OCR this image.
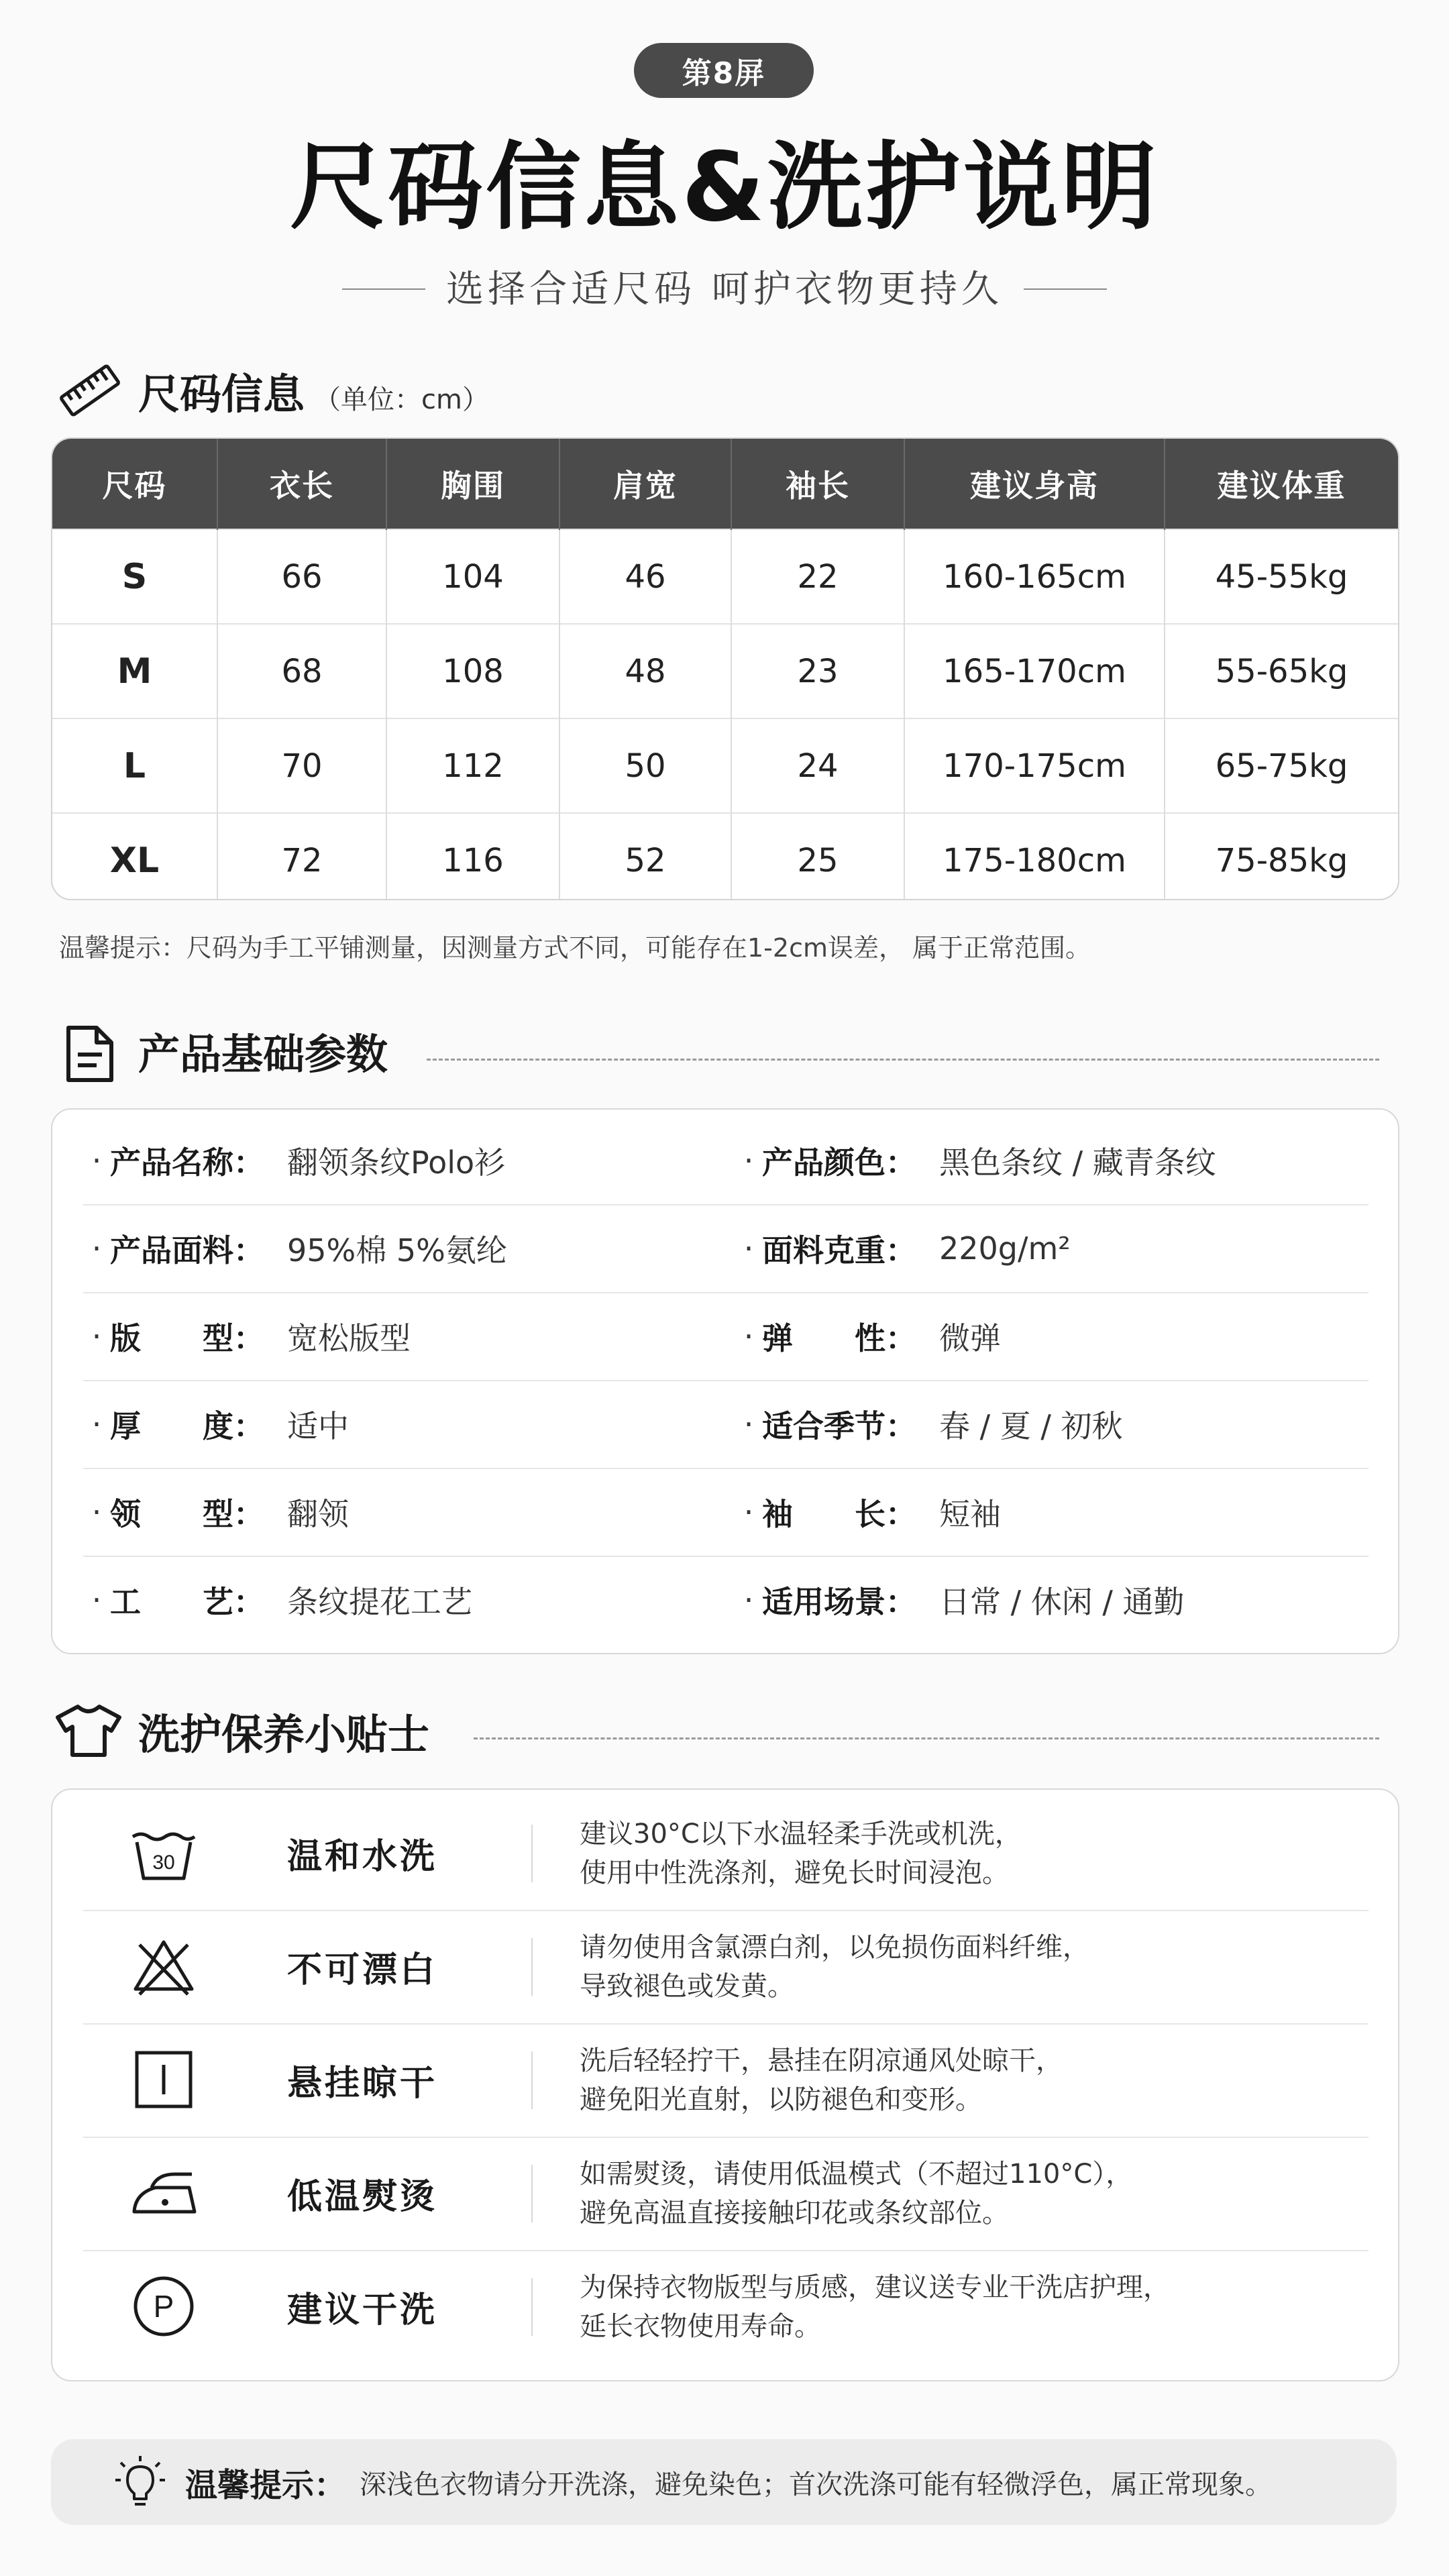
第8屏
尺码信息&洗护说明
选择合适尺码 呵护衣物更持久
尺码信息 （单位：cm）
尺码	衣长	胸围	肩宽	袖长	建议身高	建议体重
S	66	104	46	22	160-165cm	45-55kg
M	68	108	48	23	165-170cm	55-65kg
L	70	112	50	24	170-175cm	65-75kg
XL	72	116	52	25	175-180cm	75-85kg
温馨提示：尺码为手工平铺测量，因测量方式不同，可能存在1-2cm误差， 属于正常范围。
产品基础参数
· 产品名称： 翻领条纹Polo衫	· 产品颜色： 黑色条纹 / 藏青条纹
· 产品面料： 95%棉 5%氨纶	· 面料克重： 220g/m²
· 版　　型： 宽松版型	· 弹　　性： 微弹
· 厚　　度： 适中	· 适合季节： 春 / 夏 / 初秋
· 领　　型： 翻领	· 袖　　长： 短袖
· 工　　艺： 条纹提花工艺	· 适用场景： 日常 / 休闲 / 通勤
洗护保养小贴士
30	温和水洗
建议30°C以下水温轻柔手洗或机洗，
使用中性洗涤剂，避免长时间浸泡。
不可漂白
请勿使用含氯漂白剂，以免损伤面料纤维，
导致褪色或发黄。
悬挂晾干
洗后轻轻拧干，悬挂在阴凉通风处晾干，
避免阳光直射，以防褪色和变形。
低温熨烫
如需熨烫，请使用低温模式（不超过110°C），
避免高温直接接触印花或条纹部位。
P	建议干洗
为保持衣物版型与质感，建议送专业干洗店护理，
延长衣物使用寿命。
温馨提示： 深浅色衣物请分开洗涤，避免染色；首次洗涤可能有轻微浮色，属正常现象。
